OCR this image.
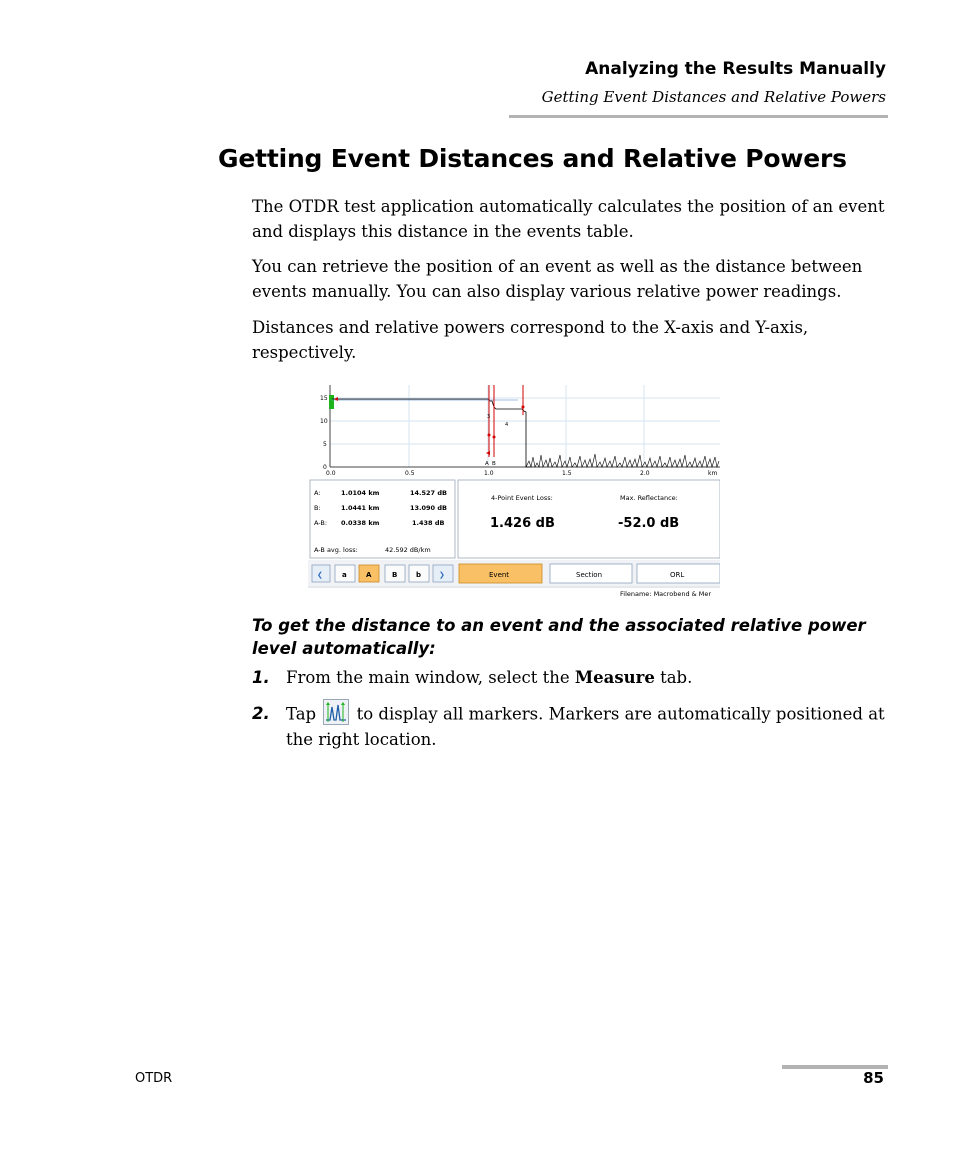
Analyzing the Results Manually
Getting Event Distances and Relative Powers
Getting Event Distances and Relative Powers

The OTDR test application automatically calculates the position of an event and displays this distance in the events table.

You can retrieve the position of an event as well as the distance between events manually. You can also display various relative power readings.

Distances and relative powers correspond to the X-axis and Y-axis, respectively.

15
10
5
0
0.0	0.5	1.0	1.5	2.0	km
3
4
A B
A:	1.0104 km	14.527 dB
B:	1.0441 km	13.090 dB
A-B: 0.0338 km	1.438 dB
A-B avg. loss:	42.592 dB/km
4-Point Event Loss:
1.426 dB
Max. Reflectance:
-52.0 dB
❮	a	A	B	b	❯	Event	Section	ORL
Filename: Macrobend & Mer

To get the distance to an event and the associated relative power level automatically:

1. From the main window, select the Measure tab.
2. Tap  to display all markers. Markers are automatically positioned at the right location.
OTDR	85
